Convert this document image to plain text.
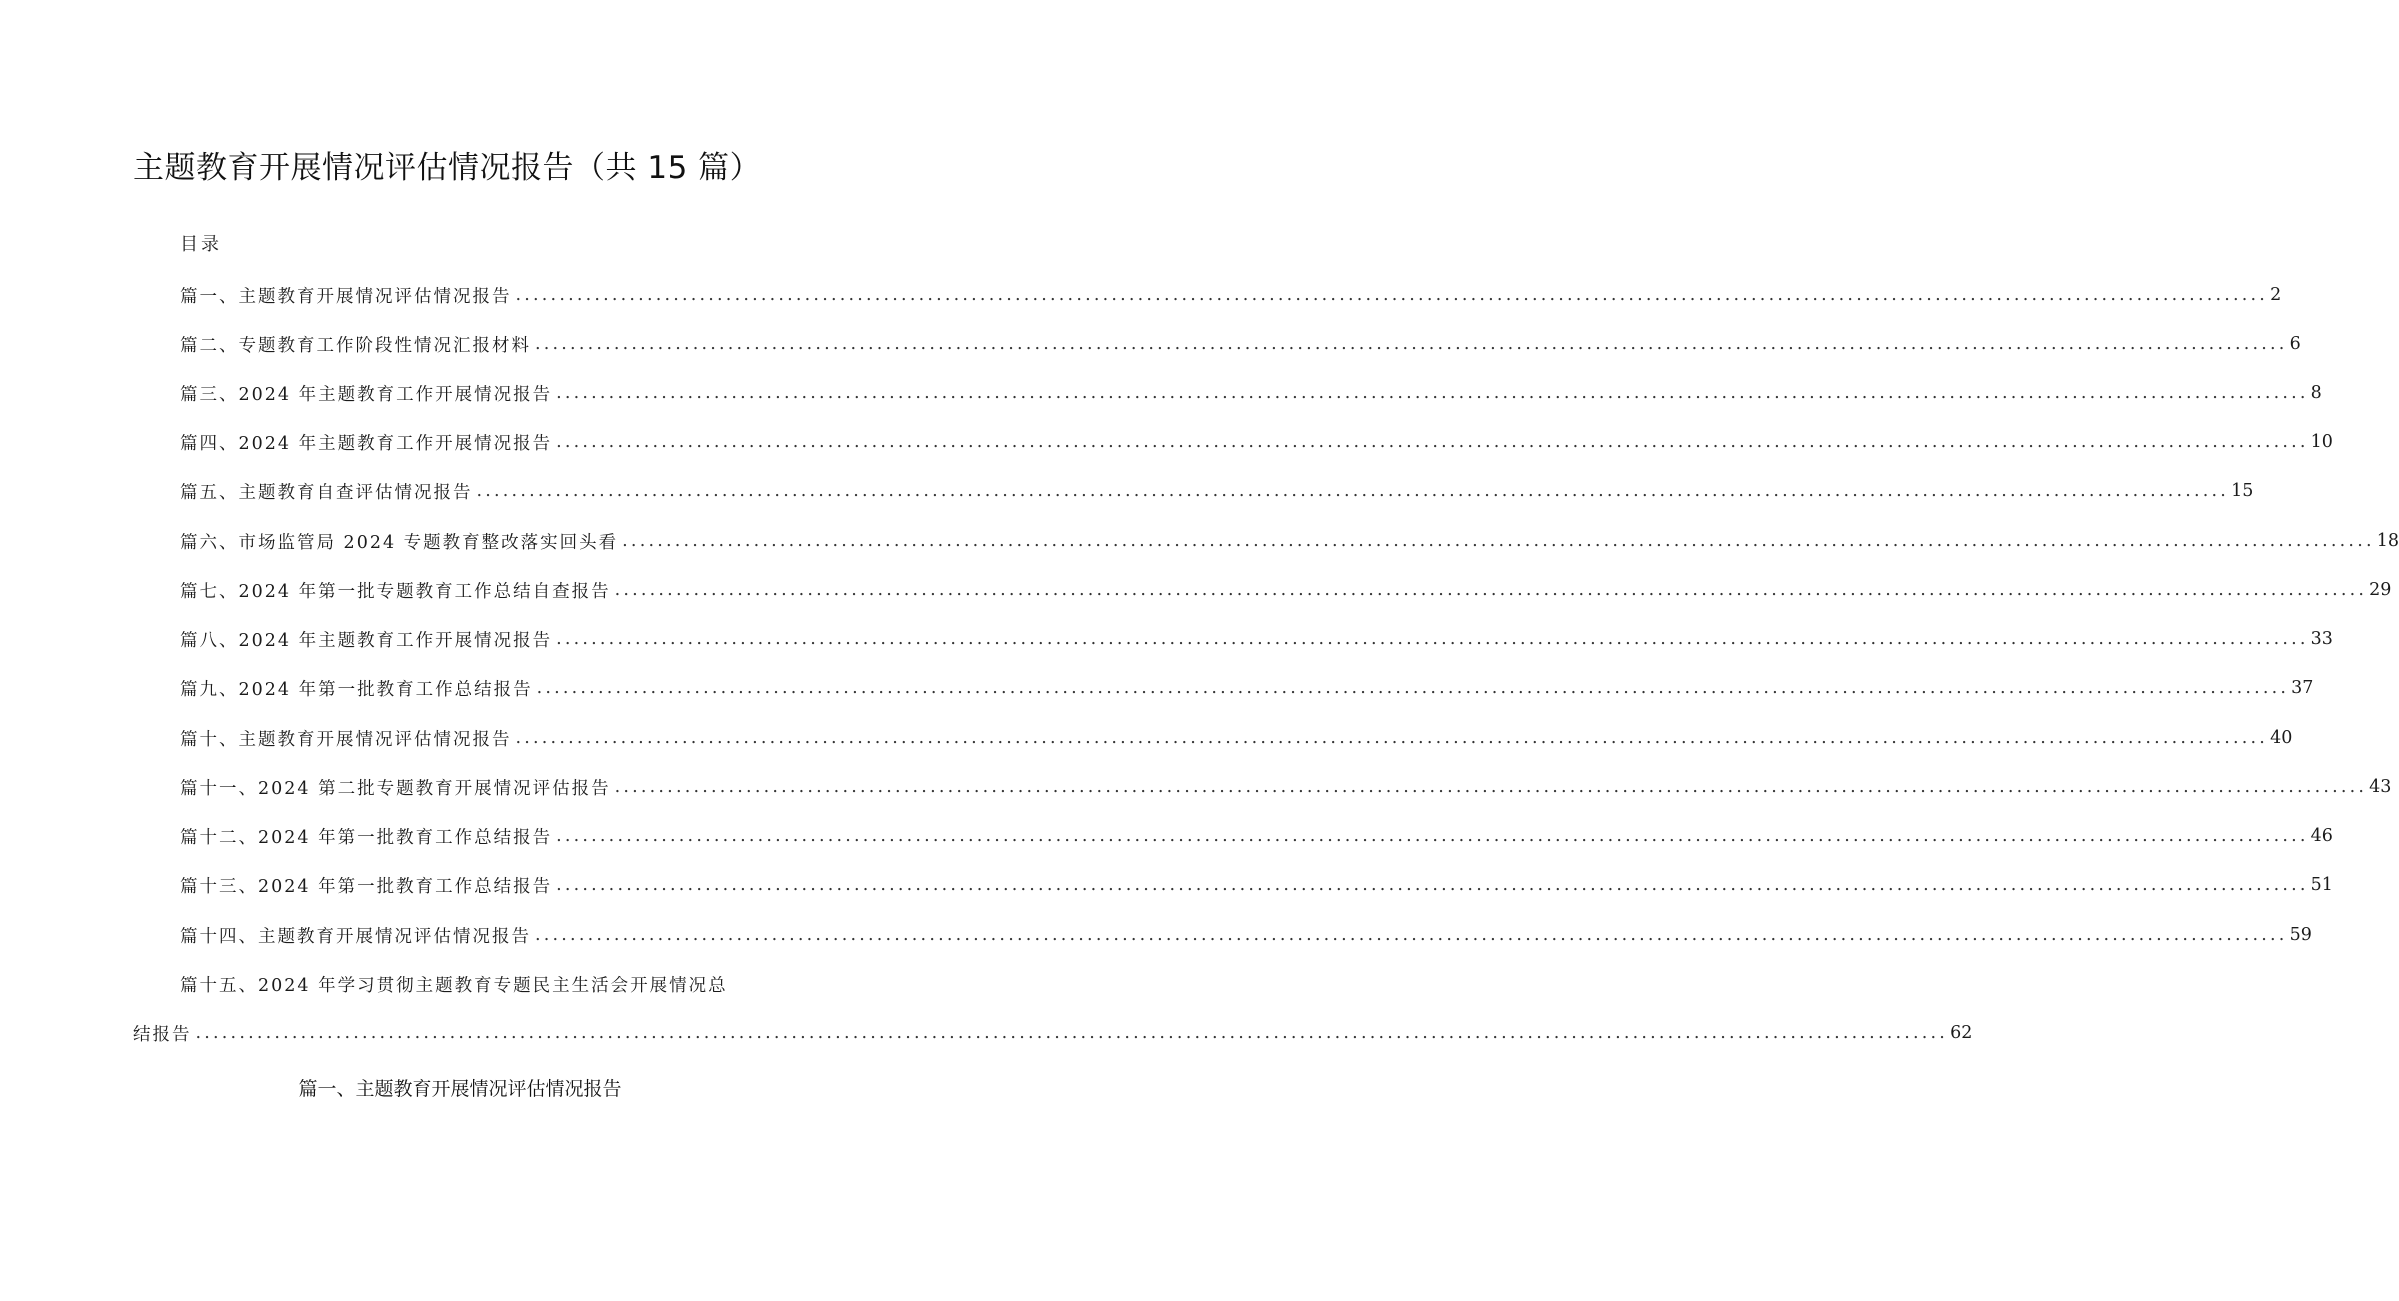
主题教育开展情况评估情况报告（共 15 篇）
目录
篇一、主题教育开展情况评估情况报告 ........................................................................................................................................................................................................ 2
篇二、专题教育工作阶段性情况汇报材料 ........................................................................................................................................................................................................ 6
篇三、2024 年主题教育工作开展情况报告 ........................................................................................................................................................................................................ 8
篇四、2024 年主题教育工作开展情况报告 ........................................................................................................................................................................................................ 10
篇五、主题教育自查评估情况报告 ........................................................................................................................................................................................................ 15
篇六、市场监管局 2024 专题教育整改落实回头看 ........................................................................................................................................................................................................ 18
篇七、2024 年第一批专题教育工作总结自查报告 ........................................................................................................................................................................................................ 29
篇八、2024 年主题教育工作开展情况报告 ........................................................................................................................................................................................................ 33
篇九、2024 年第一批教育工作总结报告 ........................................................................................................................................................................................................ 37
篇十、主题教育开展情况评估情况报告 ........................................................................................................................................................................................................ 40
篇十一、2024 第二批专题教育开展情况评估报告 ........................................................................................................................................................................................................ 43
篇十二、2024 年第一批教育工作总结报告 ........................................................................................................................................................................................................ 46
篇十三、2024 年第一批教育工作总结报告 ........................................................................................................................................................................................................ 51
篇十四、主题教育开展情况评估情况报告 ........................................................................................................................................................................................................ 59
篇十五、2024 年学习贯彻主题教育专题民主生活会开展情况总
结报告 ........................................................................................................................................................................................................ 62
篇一、主题教育开展情况评估情况报告
